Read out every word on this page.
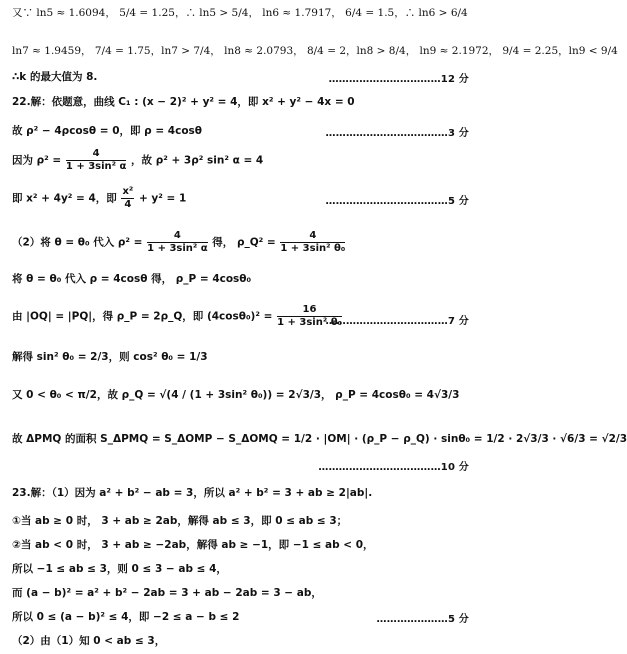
又∵ ln5 ≈ 1.6094， 5/4 = 1.25，∴ ln5 > 5/4， ln6 ≈ 1.7917， 6/4 = 1.5，∴ ln6 > 6/4
ln7 ≈ 1.9459， 7/4 = 1.75，ln7 > 7/4， ln8 ≈ 2.0793， 8/4 = 2，ln8 > 8/4， ln9 ≈ 2.1972， 9/4 = 2.25，ln9 < 9/4
∴k 的最大值为 8.	……………………………12 分
22.解：依题意，曲线 C₁ : (x − 2)² + y² = 4，即 x² + y² − 4x = 0
故 ρ² − 4ρcosθ = 0，即 ρ = 4cosθ	………………………………3 分
因为 $\rho^2 = \frac{4}{\text{1 + 3sin² α}}$ ，故 ρ² + 3ρ² sin² α = 4
即 x² + 4y² = 4，即 $\frac{\text{x²}}{4} + y^2 = 1$	………………………………5 分
（2）将 θ = θ₀ 代入 $\rho^2 = \frac{4}{\text{1 + 3sin² α}}$ 得， ρ_Q² = $\frac{4}{\text{1 + 3sin² θ₀}}$
将 θ = θ₀ 代入 ρ = 4cosθ 得， ρ_P = 4cosθ₀
由 |OQ| = |PQ|，得 ρ_P = 2ρ_Q，即 $(4\cos\theta_0)^2 = \frac{16}{\text{1 + 3sin² θ₀}}$
………………………………7 分
解得 sin² θ₀ = 2/3，则 cos² θ₀ = 1/3
又 0 < θ₀ < π/2，故 ρ_Q = √(4 / (1 + 3sin² θ₀)) = 2√3/3， ρ_P = 4cosθ₀ = 4√3/3
故 ΔPMQ 的面积 S_ΔPMQ = S_ΔOMP − S_ΔOMQ = 1/2 · |OM| · (ρ_P − ρ_Q) · sinθ₀ = 1/2 · 2√3/3 · √6/3 = √2/3
………………………………10 分
23.解：（1）因为 a² + b² − ab = 3，所以 a² + b² = 3 + ab ≥ 2|ab|.
①当 ab ≥ 0 时， 3 + ab ≥ 2ab，解得 ab ≤ 3，即 0 ≤ ab ≤ 3；
②当 ab < 0 时， 3 + ab ≥ −2ab，解得 ab ≥ −1，即 −1 ≤ ab < 0，
所以 −1 ≤ ab ≤ 3，则 0 ≤ 3 − ab ≤ 4，
而 (a − b)² = a² + b² − 2ab = 3 + ab − 2ab = 3 − ab，
所以 0 ≤ (a − b)² ≤ 4，即 −2 ≤ a − b ≤ 2	…………………5 分
（2）由（1）知 0 < ab ≤ 3，
